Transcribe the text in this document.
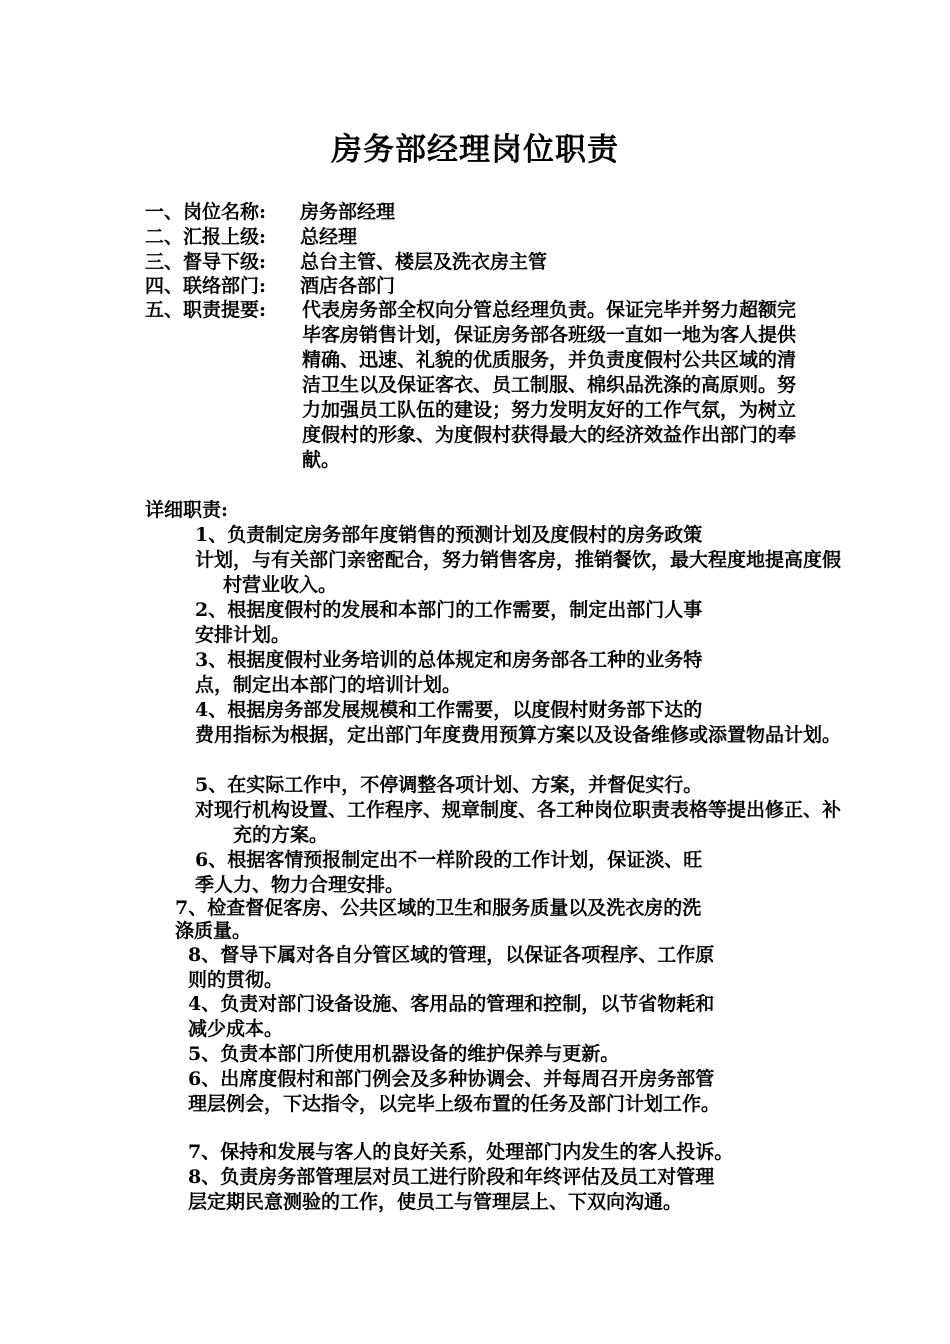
房务部经理岗位职责
一、岗位名称: 房务部经理
二、汇报上级: 总经理
三、督导下级: 总台主管、楼层及洗衣房主管
四、联络部门: 酒店各部门
五、职责提要: 代表房务部全权向分管总经理负责。保证完毕并努力超额完毕客房销售计划，保证房务部各班级一直如一地为客人提供精确、迅速、礼貌的优质服务，并负责度假村公共区域的清洁卫生以及保证客衣、员工制服、棉织品洗涤的高原则。努力加强员工队伍的建设；努力发明友好的工作气氛，为树立度假村的形象、为度假村获得最大的经济效益作出部门的奉献。
详细职责:
1、负责制定房务部年度销售的预测计划及度假村的房务政策
计划，与有关部门亲密配合，努力销售客房，推销餐饮，最大程度地提高度假村营业收入。
2、根据度假村的发展和本部门的工作需要，制定出部门人事
安排计划。
3、根据度假村业务培训的总体规定和房务部各工种的业务特
点，制定出本部门的培训计划。
4、根据房务部发展规模和工作需要，以度假村财务部下达的
费用指标为根据，定出部门年度费用预算方案以及设备维修或添置物品计划。
5、在实际工作中，不停调整各项计划、方案，并督促实行。
对现行机构设置、工作程序、规章制度、各工种岗位职责表格等提出修正、补充的方案。
6、根据客情预报制定出不一样阶段的工作计划，保证淡、旺
季人力、物力合理安排。
7、检查督促客房、公共区域的卫生和服务质量以及洗衣房的洗
涤质量。
8、督导下属对各自分管区域的管理，以保证各项程序、工作原
则的贯彻。
4、负责对部门设备设施、客用品的管理和控制，以节省物耗和
减少成本。
5、负责本部门所使用机器设备的维护保养与更新。
6、出席度假村和部门例会及多种协调会、并每周召开房务部管
理层例会，下达指令，以完毕上级布置的任务及部门计划工作。
7、保持和发展与客人的良好关系，处理部门内发生的客人投诉。
8、负责房务部管理层对员工进行阶段和年终评估及员工对管理
层定期民意测验的工作，使员工与管理层上、下双向沟通。
